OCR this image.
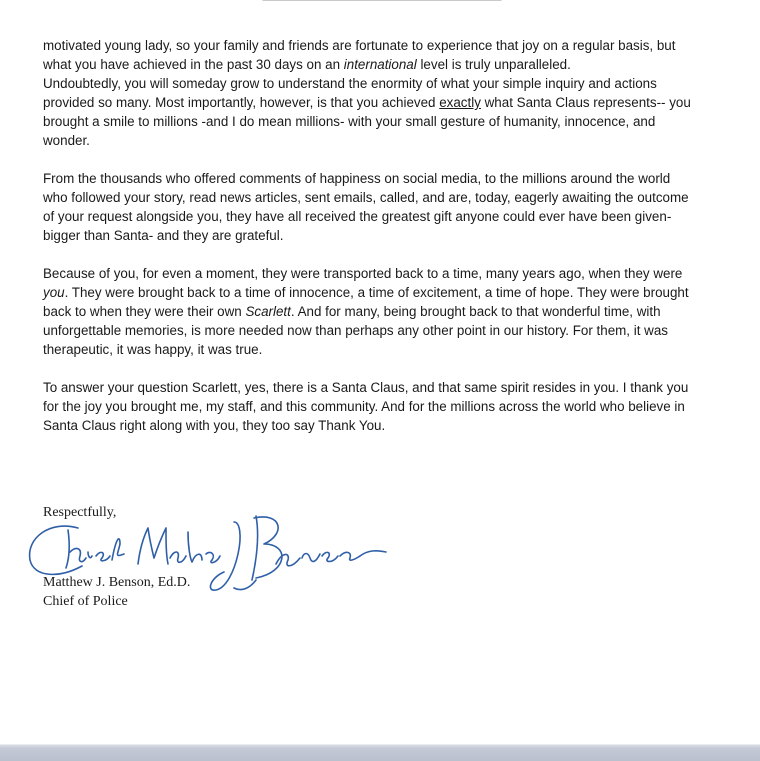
motivated young lady, so your family and friends are fortunate to experience that joy on a regular basis, but
what you have achieved in the past 30 days on an international level is truly unparalleled.
Undoubtedly, you will someday grow to understand the enormity of what your simple inquiry and actions
provided so many. Most importantly, however, is that you achieved exactly what Santa Claus represents-- you
brought a smile to millions -and I do mean millions- with your small gesture of humanity, innocence, and
wonder.

From the thousands who offered comments of happiness on social media, to the millions around the world
who followed your story, read news articles, sent emails, called, and are, today, eagerly awaiting the outcome
of your request alongside you, they have all received the greatest gift anyone could ever have been given-
bigger than Santa- and they are grateful.

Because of you, for even a moment, they were transported back to a time, many years ago, when they were
you. They were brought back to a time of innocence, a time of excitement, a time of hope. They were brought
back to when they were their own Scarlett. And for many, being brought back to that wonderful time, with
unforgettable memories, is more needed now than perhaps any other point in our history. For them, it was
therapeutic, it was happy, it was true.

To answer your question Scarlett, yes, there is a Santa Claus, and that same spirit resides in you. I thank you
for the joy you brought me, my staff, and this community. And for the millions across the world who believe in
Santa Claus right along with you, they too say Thank You.

Respectfully,
Matthew J. Benson, Ed.D.
Chief of Police
